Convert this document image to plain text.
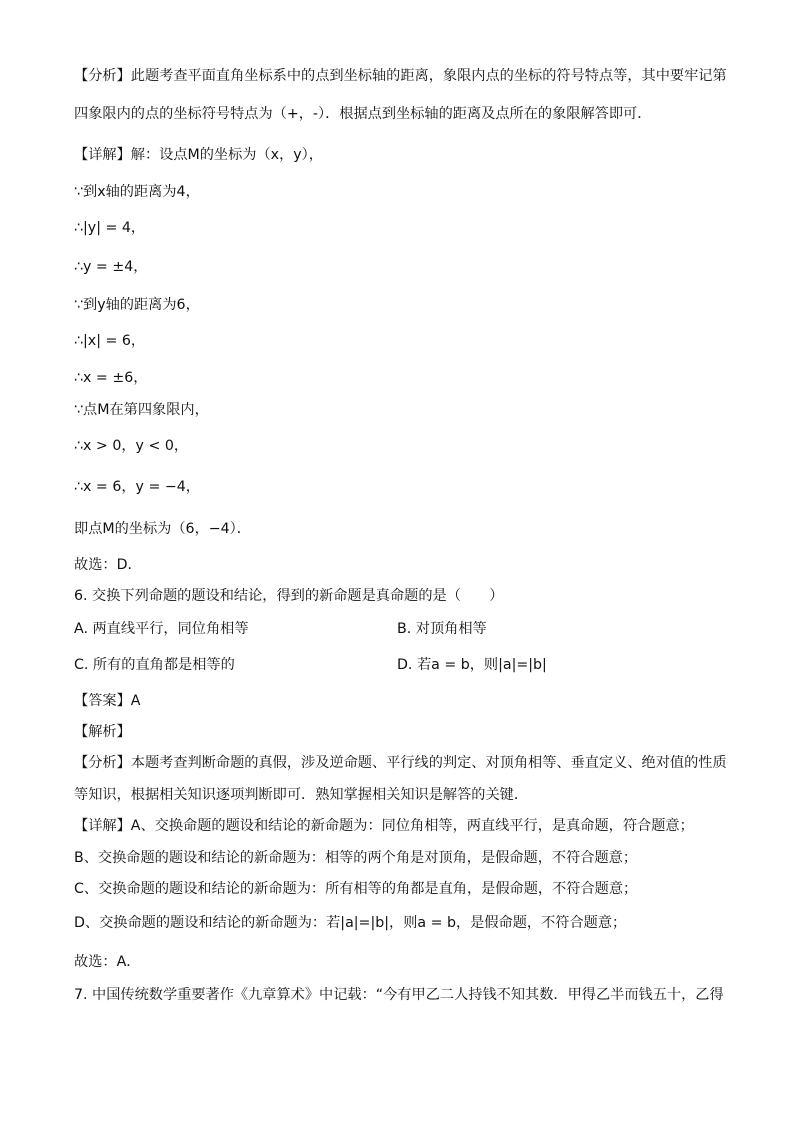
【分析】此题考查平面直角坐标系中的点到坐标轴的距离，象限内点的坐标的符号特点等，其中要牢记第
四象限内的点的坐标符号特点为（+，-）．根据点到坐标轴的距离及点所在的象限解答即可．
【详解】解：设点M的坐标为（x，y），
∵到x轴的距离为4，
∴|y| = 4，
∴y = ±4，
∵到y轴的距离为6，
∴|x| = 6，
∴x = ±6，
∵点M在第四象限内，
∴x > 0，y < 0，
∴x = 6，y = −4，
即点M的坐标为（6，−4）．
故选：D．
6. 交换下列命题的题设和结论，得到的新命题是真命题的是（　　）
A. 两直线平行，同位角相等	B. 对顶角相等
C. 所有的直角都是相等的	D. 若a = b，则|a|=|b|
【答案】A
【解析】
【分析】本题考查判断命题的真假，涉及逆命题、平行线的判定、对顶角相等、垂直定义、绝对值的性质
等知识，根据相关知识逐项判断即可．熟知掌握相关知识是解答的关键．
【详解】A、交换命题的题设和结论的新命题为：同位角相等，两直线平行，是真命题，符合题意；
B、交换命题的题设和结论的新命题为：相等的两个角是对顶角，是假命题，不符合题意；
C、交换命题的题设和结论的新命题为：所有相等的角都是直角，是假命题，不符合题意；
D、交换命题的题设和结论的新命题为：若|a|=|b|，则a = b，是假命题，不符合题意；
故选：A．
7. 中国传统数学重要著作《九章算术》中记载：“今有甲乙二人持钱不知其数．甲得乙半而钱五十，乙得
